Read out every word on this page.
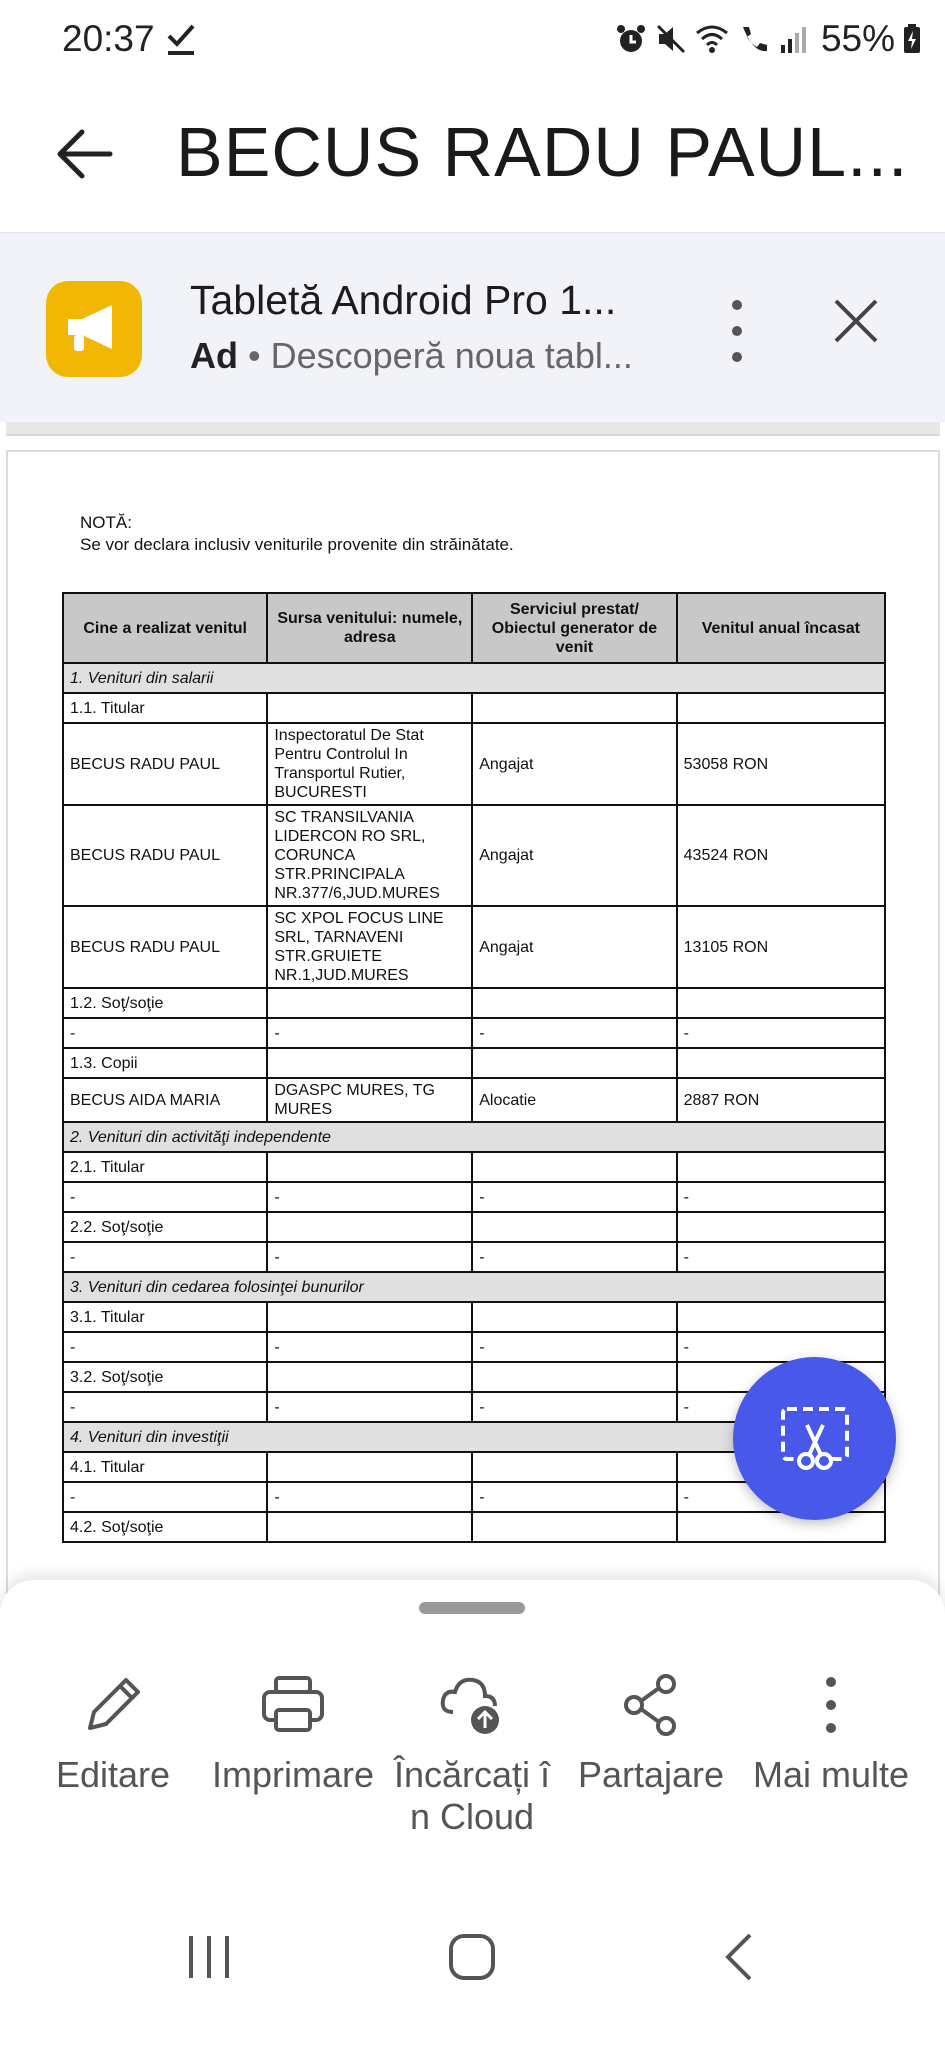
20:37	55%
BECUS RADU PAUL...
Tabletă Android Pro 1...
Ad • Descoperă noua tabl...
NOTĂ:
Se vor declara inclusiv veniturile provenite din străinătate.
Cine a realizat venitul	Sursa venitului: numele, adresa	Serviciul prestat/ Obiectul generator de venit	Venitul anual încasat
1. Venituri din salarii			
1.1. Titular			
BECUS RADU PAUL	Inspectoratul De Stat Pentru Controlul In Transportul Rutier, BUCURESTI	Angajat	53058 RON
BECUS RADU PAUL	SC TRANSILVANIA LIDERCON RO SRL, CORUNCA STR.PRINCIPALA NR.377/6,JUD.MURES	Angajat	43524 RON
BECUS RADU PAUL	SC XPOL FOCUS LINE SRL, TARNAVENI STR.GRUIETE NR.1,JUD.MURES	Angajat	13105 RON
1.2. Soţ/soţie			
-	-	-	-
1.3. Copii			
BECUS AIDA MARIA	DGASPC MURES, TG MURES	Alocatie	2887 RON
2. Venituri din activităţi independente			
2.1. Titular			
-	-	-	-
2.2. Soţ/soţie			
-	-	-	-
3. Venituri din cedarea folosinţei bunurilor			
3.1. Titular			
-	-	-	-
3.2. Soţ/soţie			
-	-	-	-
4. Venituri din investiţii			
4.1. Titular			
-	-	-	-
4.2. Soţ/soţie			
Editare	Imprimare Încărcați în Cloud
Partajare Mai multe
